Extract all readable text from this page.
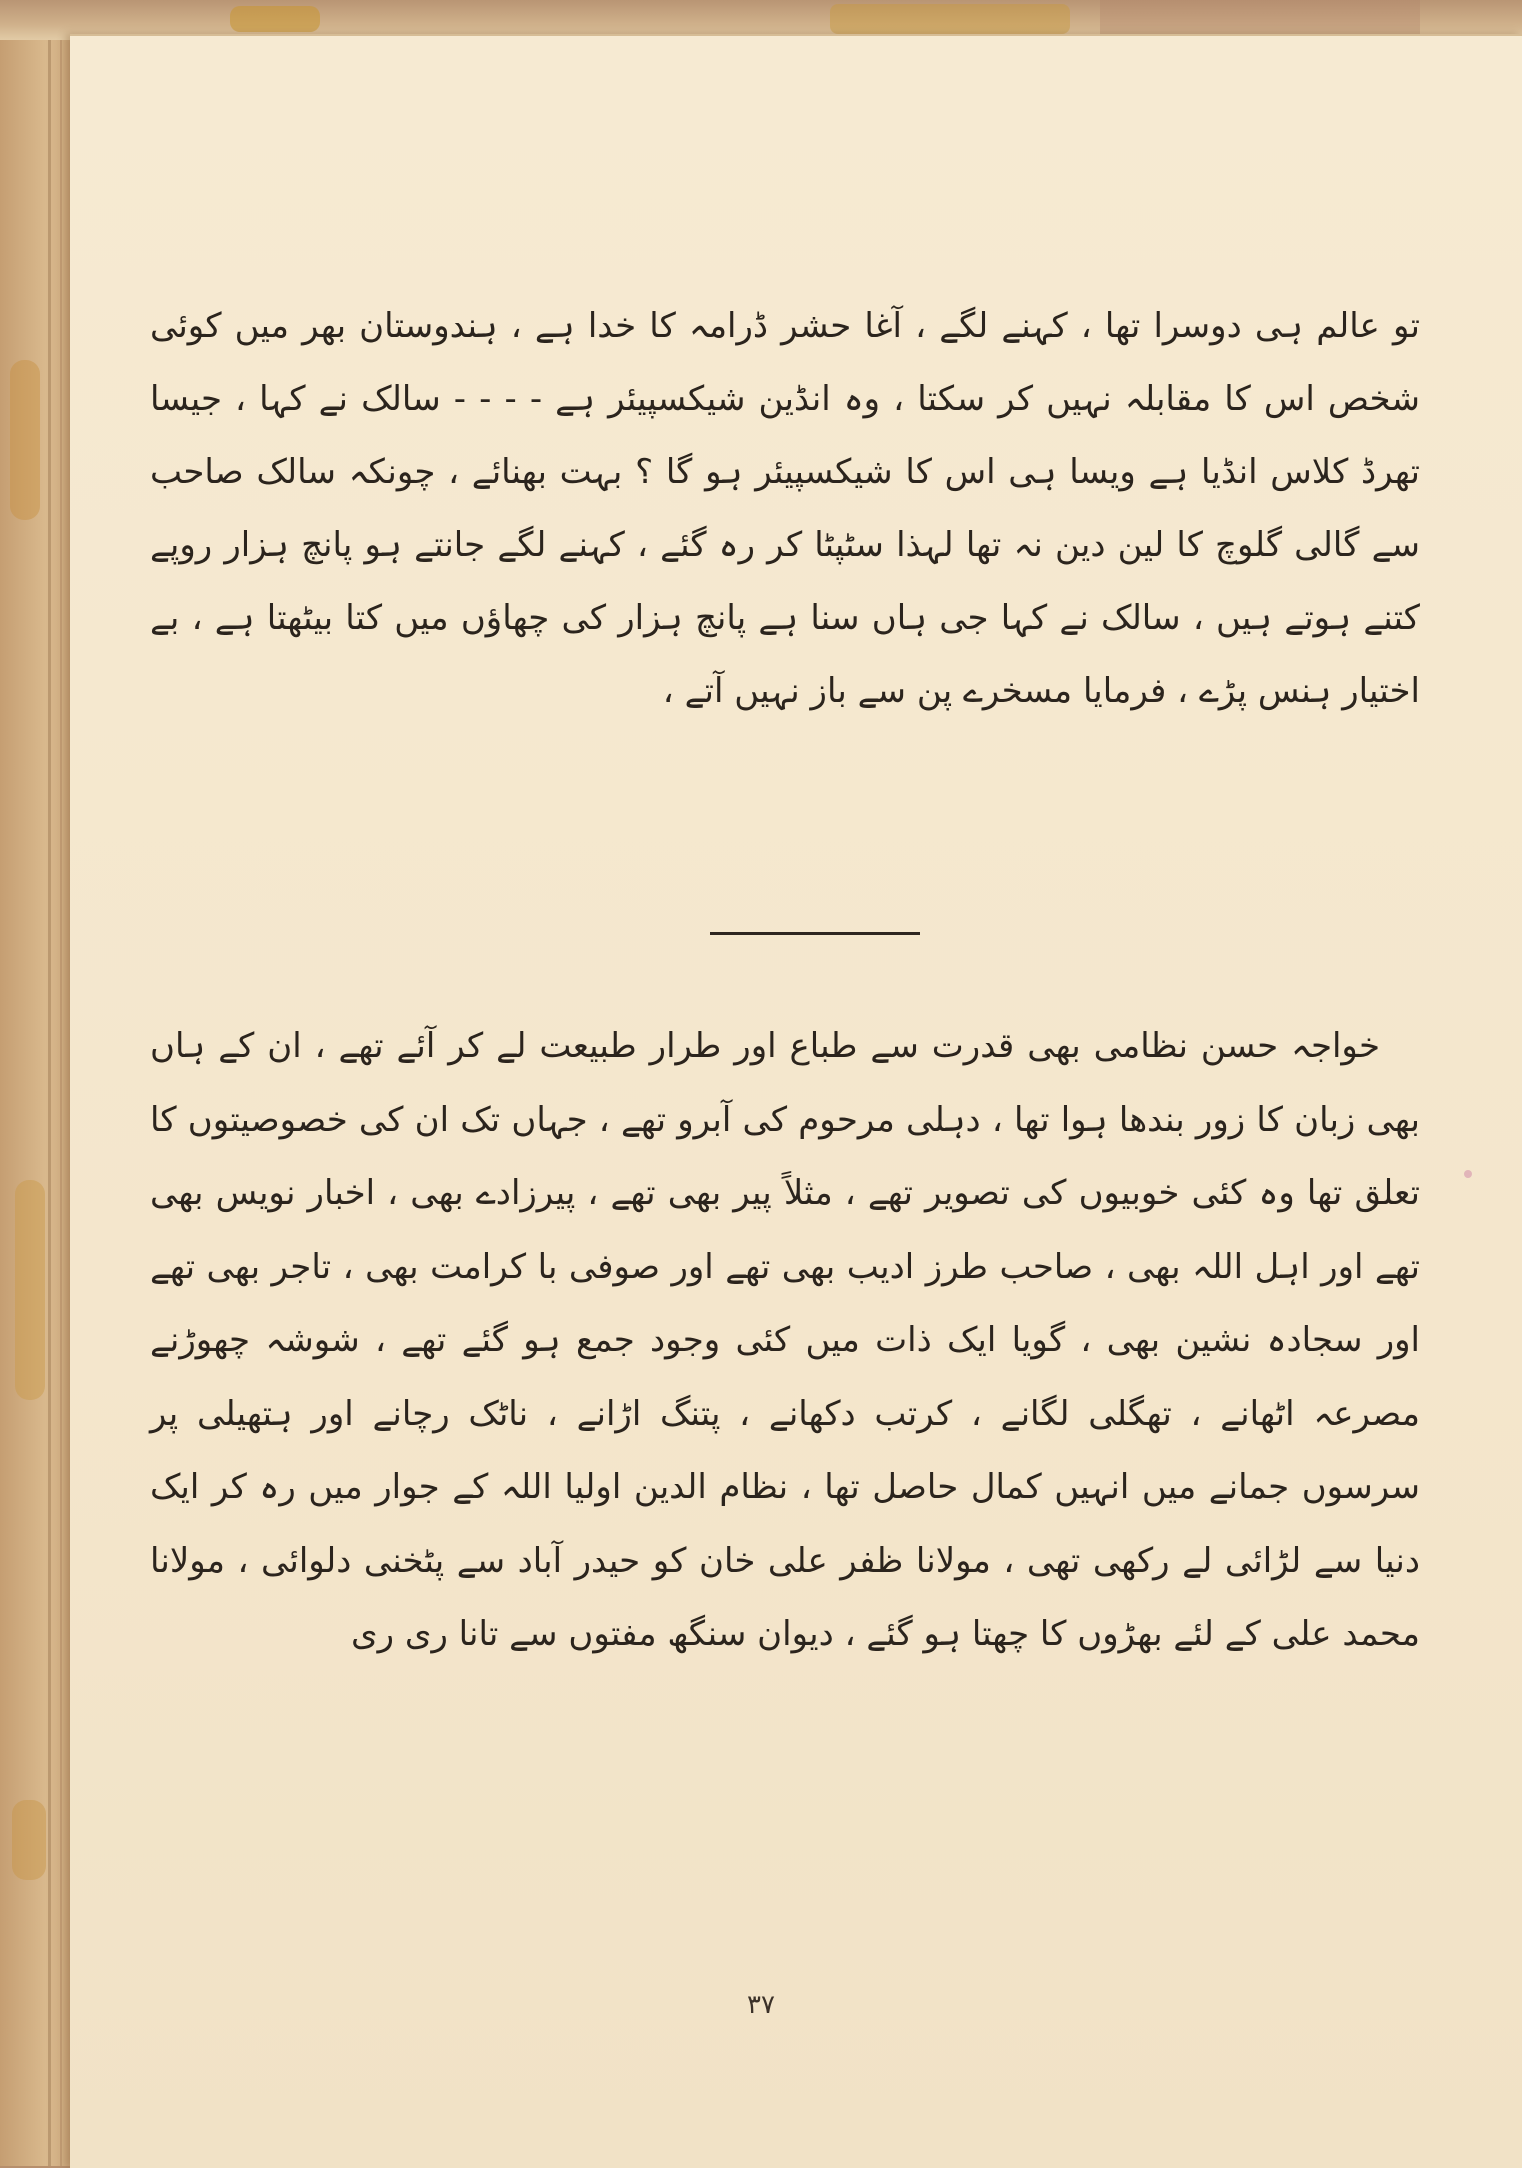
تو عالم ہی دوسرا تھا ، کہنے لگے ، آغا حشر ڈرامہ کا خدا ہے ، ہندوستان بھر میں کوئی شخص اس کا مقابلہ نہیں کر سکتا ، وہ انڈین شیکسپیئر ہے - - - - سالک نے کہا ، جیسا تھرڈ کلاس انڈیا ہے ویسا ہی اس کا شیکسپیئر ہو گا ؟ بہت بھنائے ، چونکہ سالک صاحب سے گالی گلوچ کا لین دین نہ تھا لہذا سٹپٹا کر رہ گئے ، کہنے لگے جانتے ہو پانچ ہزار روپے کتنے ہوتے ہیں ، سالک نے کہا جی ہاں سنا ہے پانچ ہزار کی چھاؤں میں کتا بیٹھتا ہے ، بے اختیار ہنس پڑے ، فرمایا مسخرے پن سے باز نہیں آتے ،
خواجہ حسن نظامی بھی قدرت سے طباع اور طرار طبیعت لے کر آئے تھے ، ان کے ہاں بھی زبان کا زور بندھا ہوا تھا ، دہلی مرحوم کی آبرو تھے ، جہاں تک ان کی خصوصیتوں کا تعلق تھا وہ کئی خوبیوں کی تصویر تھے ، مثلاً پیر بھی تھے ، پیرزادے بھی ، اخبار نویس بھی تھے اور اہل اللہ بھی ، صاحب طرز ادیب بھی تھے اور صوفی با کرامت بھی ، تاجر بھی تھے اور سجادہ نشین بھی ، گویا ایک ذات میں کئی وجود جمع ہو گئے تھے ، شوشہ چھوڑنے مصرعہ اٹھانے ، تھگلی لگانے ، کرتب دکھانے ، پتنگ اڑانے ، ناٹک رچانے اور ہتھیلی پر سرسوں جمانے میں انہیں کمال حاصل تھا ، نظام الدین اولیا اللہ کے جوار میں رہ کر ایک دنیا سے لڑائی لے رکھی تھی ، مولانا ظفر علی خان کو حیدر آباد سے پٹخنی دلوائی ، مولانا محمد علی کے لئے بھڑوں کا چھتا ہو گئے ، دیوان سنگھ مفتوں سے تانا ری ری
۳۷
